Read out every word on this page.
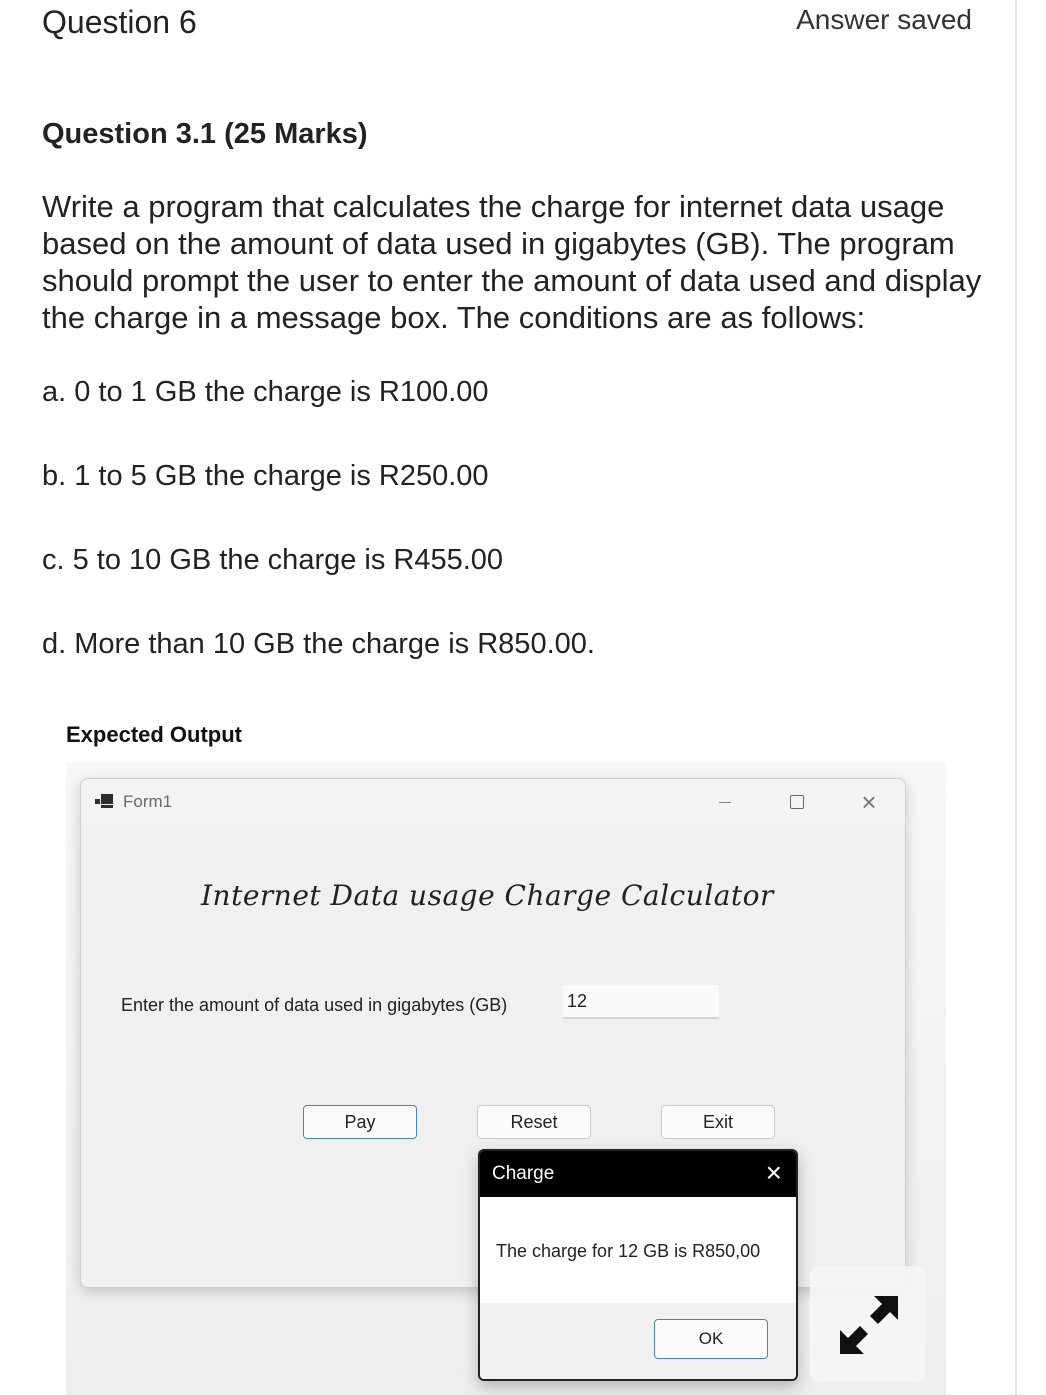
Question 6	Answer saved
Question 3.1 (25 Marks)
Write a program that calculates the charge for internet data usage based on the amount of data used in gigabytes (GB). The program should prompt the user to enter the amount of data used and display the charge in a message box. The conditions are as follows:
a. 0 to 1 GB the charge is R100.00
b. 1 to 5 GB the charge is R250.00
c. 5 to 10 GB the charge is R455.00
d. More than 10 GB the charge is R850.00.
Expected Output
Form1	×
Internet Data usage Charge Calculator
Enter the amount of data used in gigabytes (GB)
12
Pay	Reset	Exit
Charge	×
The charge for 12 GB is R850,00
OK
